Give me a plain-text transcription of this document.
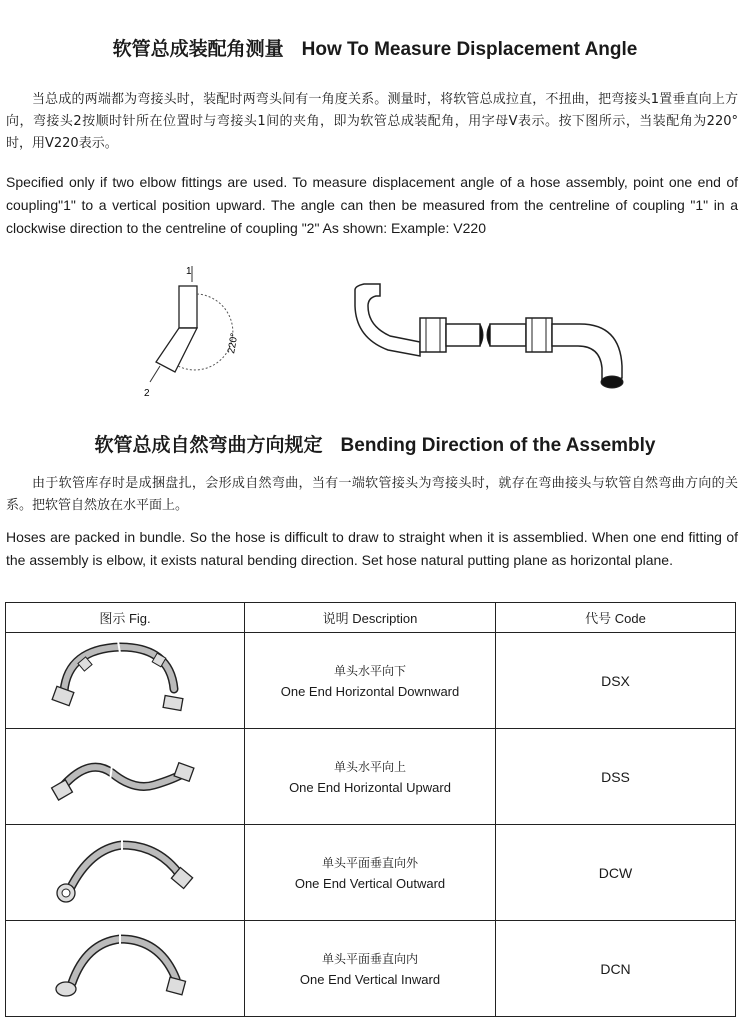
软管总成装配角测量 How To Measure Displacement Angle
当总成的两端都为弯接头时，装配时两弯头间有一角度关系。测量时，将软管总成拉直，不扭曲，把弯接头1置垂直向上方向，弯接头2按顺时针所在位置时与弯接头1间的夹角，即为软管总成装配角，用字母V表示。按下图所示，当装配角为220°时，用V220表示。
Specified only if two elbow fittings are used. To measure displacement angle of a hose assembly, point one end of coupling"1" to a vertical position upward. The angle can then be measured from the centreline of coupling "1" in a clockwise direction to the centreline of coupling "2" As shown: Example: V220
1
2
220°
软管总成自然弯曲方向规定 Bending Direction of the Assembly
由于软管库存时是成捆盘扎，会形成自然弯曲，当有一端软管接头为弯接头时，就存在弯曲接头与软管自然弯曲方向的关系。把软管自然放在水平面上。
Hoses are packed in bundle. So the hose is difficult to draw to straight when it is assemblied. When one end fitting of the assembly is elbow, it exists natural bending direction. Set hose natural putting plane as horizontal plane.
图示 Fig.	说明 Description	代号 Code

单头水平向下
One End Horizontal Downward	DSX

单头水平向上
One End Horizontal Upward	DSS

单头平面垂直向外
One End Vertical Outward	DCW

单头平面垂直向内
One End Vertical Inward	DCN
